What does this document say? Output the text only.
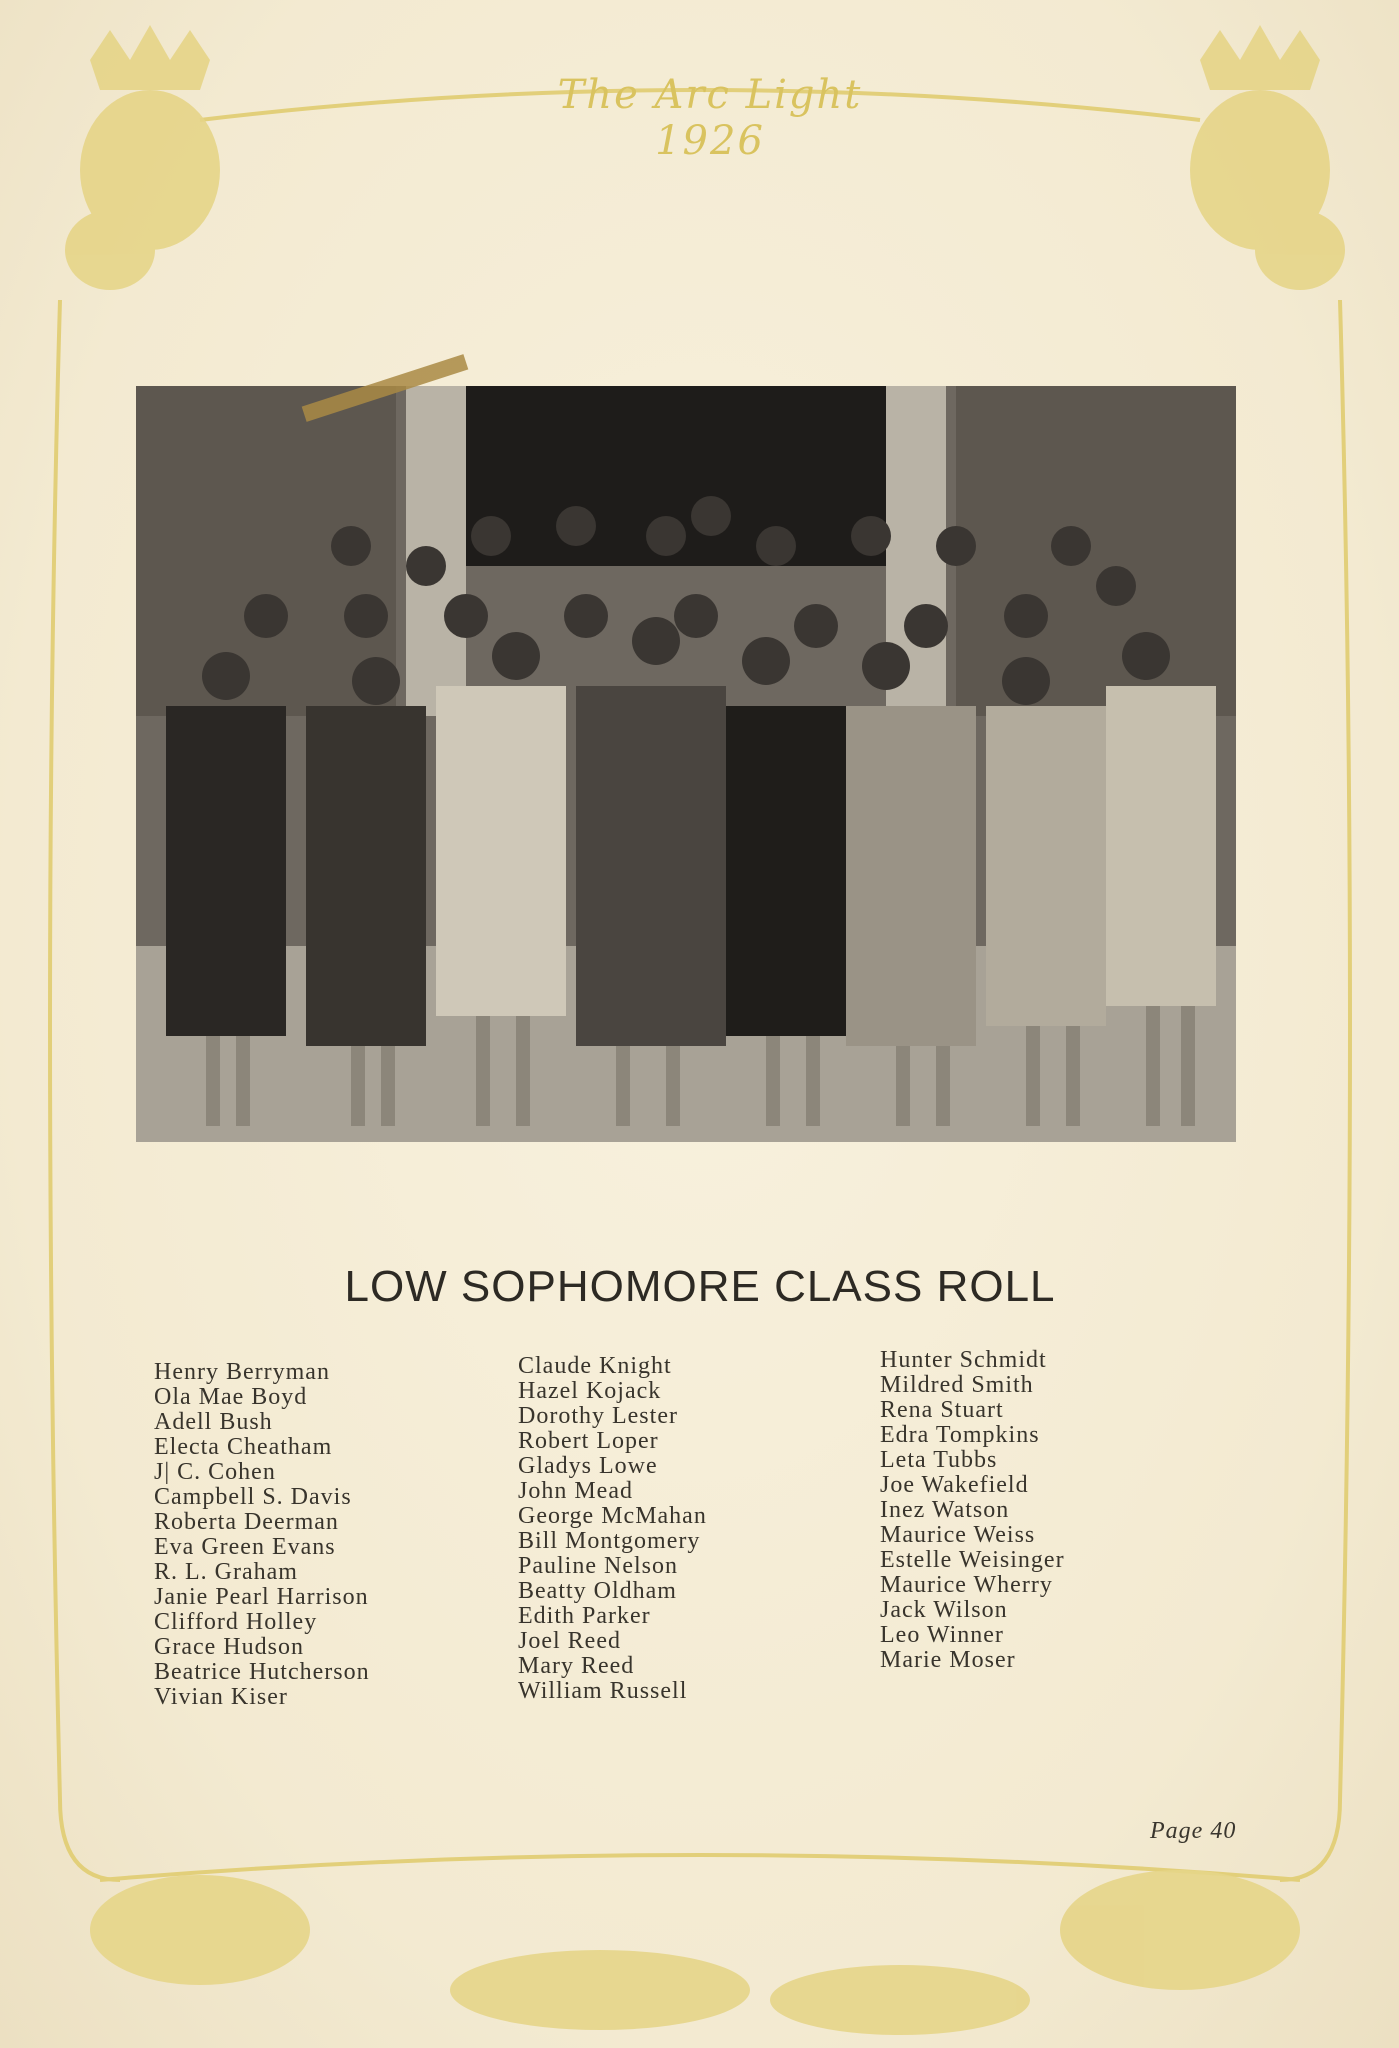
The Arc Light 1926
LOW SOPHOMORE CLASS ROLL
Henry Berryman
Ola Mae Boyd
Adell Bush
Electa Cheatham
J| C. Cohen
Campbell S. Davis
Roberta Deerman
Eva Green Evans
R. L. Graham
Janie Pearl Harrison
Clifford Holley
Grace Hudson
Beatrice Hutcherson
Vivian Kiser
Claude Knight
Hazel Kojack
Dorothy Lester
Robert Loper
Gladys Lowe
John Mead
George McMahan
Bill Montgomery
Pauline Nelson
Beatty Oldham
Edith Parker
Joel Reed
Mary Reed
William Russell
Hunter Schmidt
Mildred Smith
Rena Stuart
Edra Tompkins
Leta Tubbs
Joe Wakefield
Inez Watson
Maurice Weiss
Estelle Weisinger
Maurice Wherry
Jack Wilson
Leo Winner
Marie Moser
Page 40
